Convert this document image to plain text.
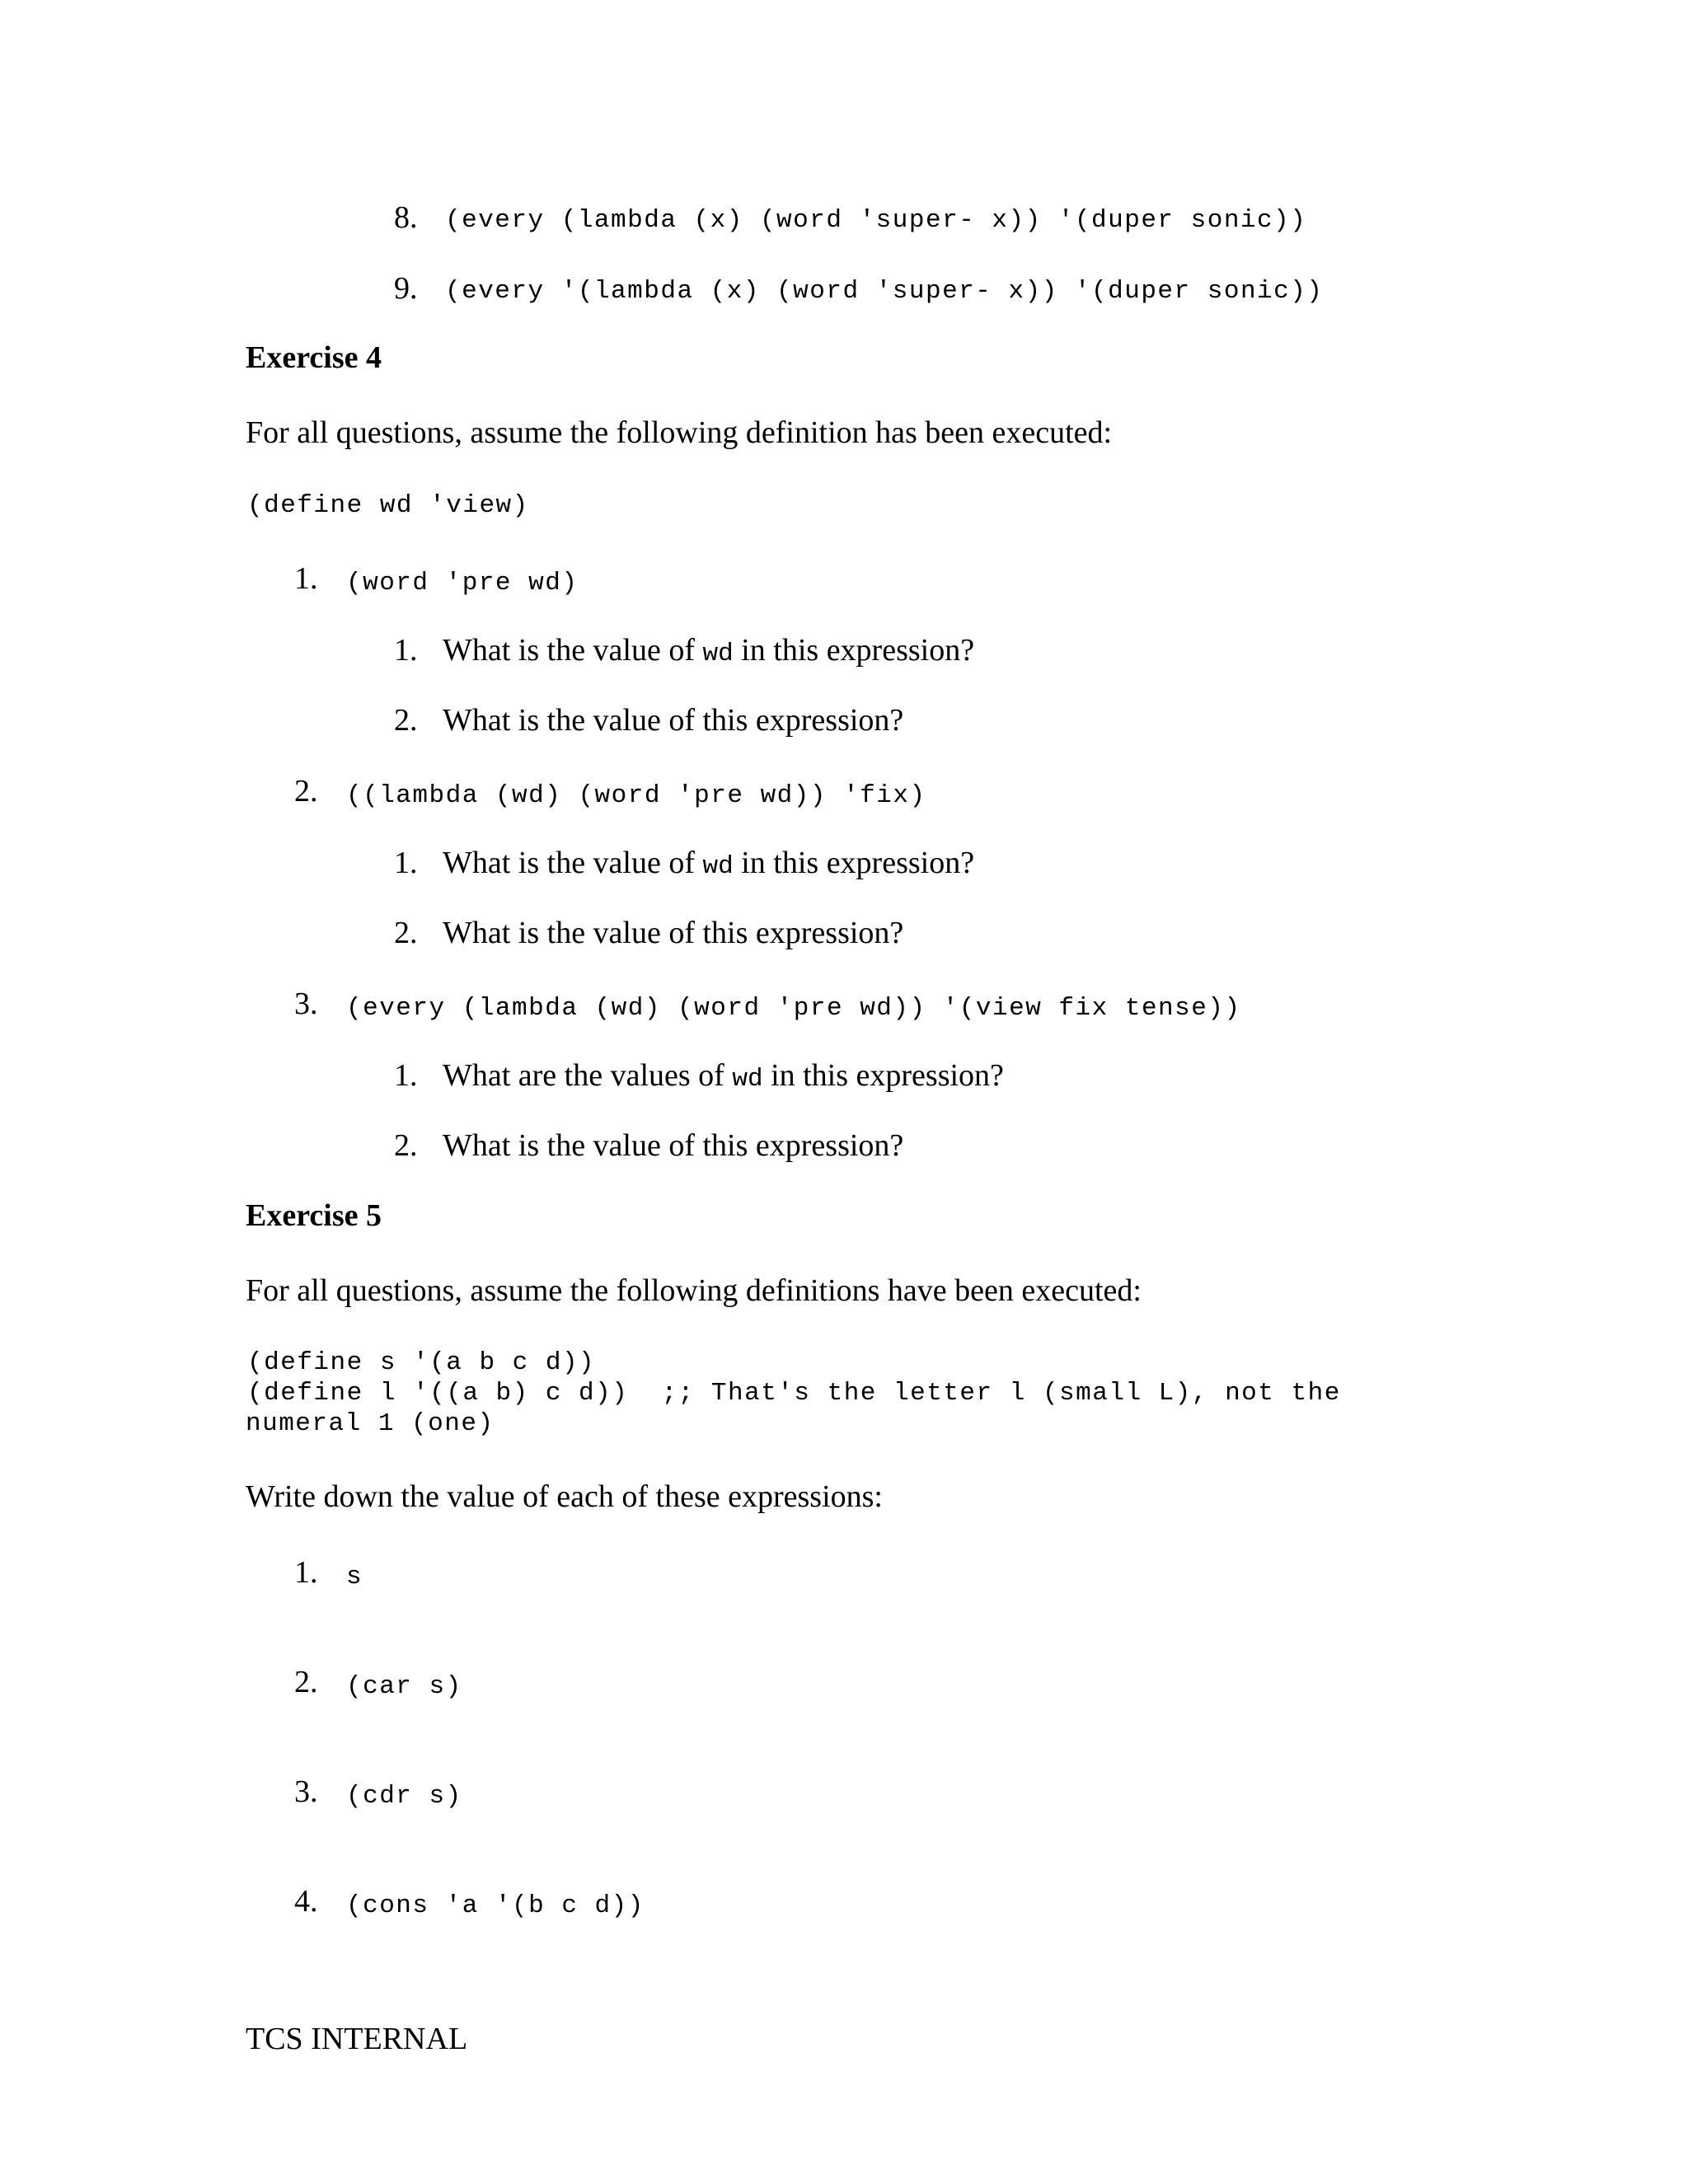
8. (every (lambda (x) (word 'super- x)) '(duper sonic))
9. (every '(lambda (x) (word 'super- x)) '(duper sonic))
Exercise 4
For all questions, assume the following definition has been executed:
(define wd 'view)
1. (word 'pre wd)
1. What is the value of wd in this expression?
2. What is the value of this expression?
2. ((lambda (wd) (word 'pre wd)) 'fix)
1. What is the value of wd in this expression?
2. What is the value of this expression?
3. (every (lambda (wd) (word 'pre wd)) '(view fix tense))
1. What are the values of wd in this expression?
2. What is the value of this expression?
Exercise 5
For all questions, assume the following definitions have been executed:
(define s '(a b c d))
(define l '((a b) c d))  ;; That's the letter l (small L), not the
numeral 1 (one)
Write down the value of each of these expressions:
1. s
2. (car s)
3. (cdr s)
4. (cons 'a '(b c d))
TCS INTERNAL
